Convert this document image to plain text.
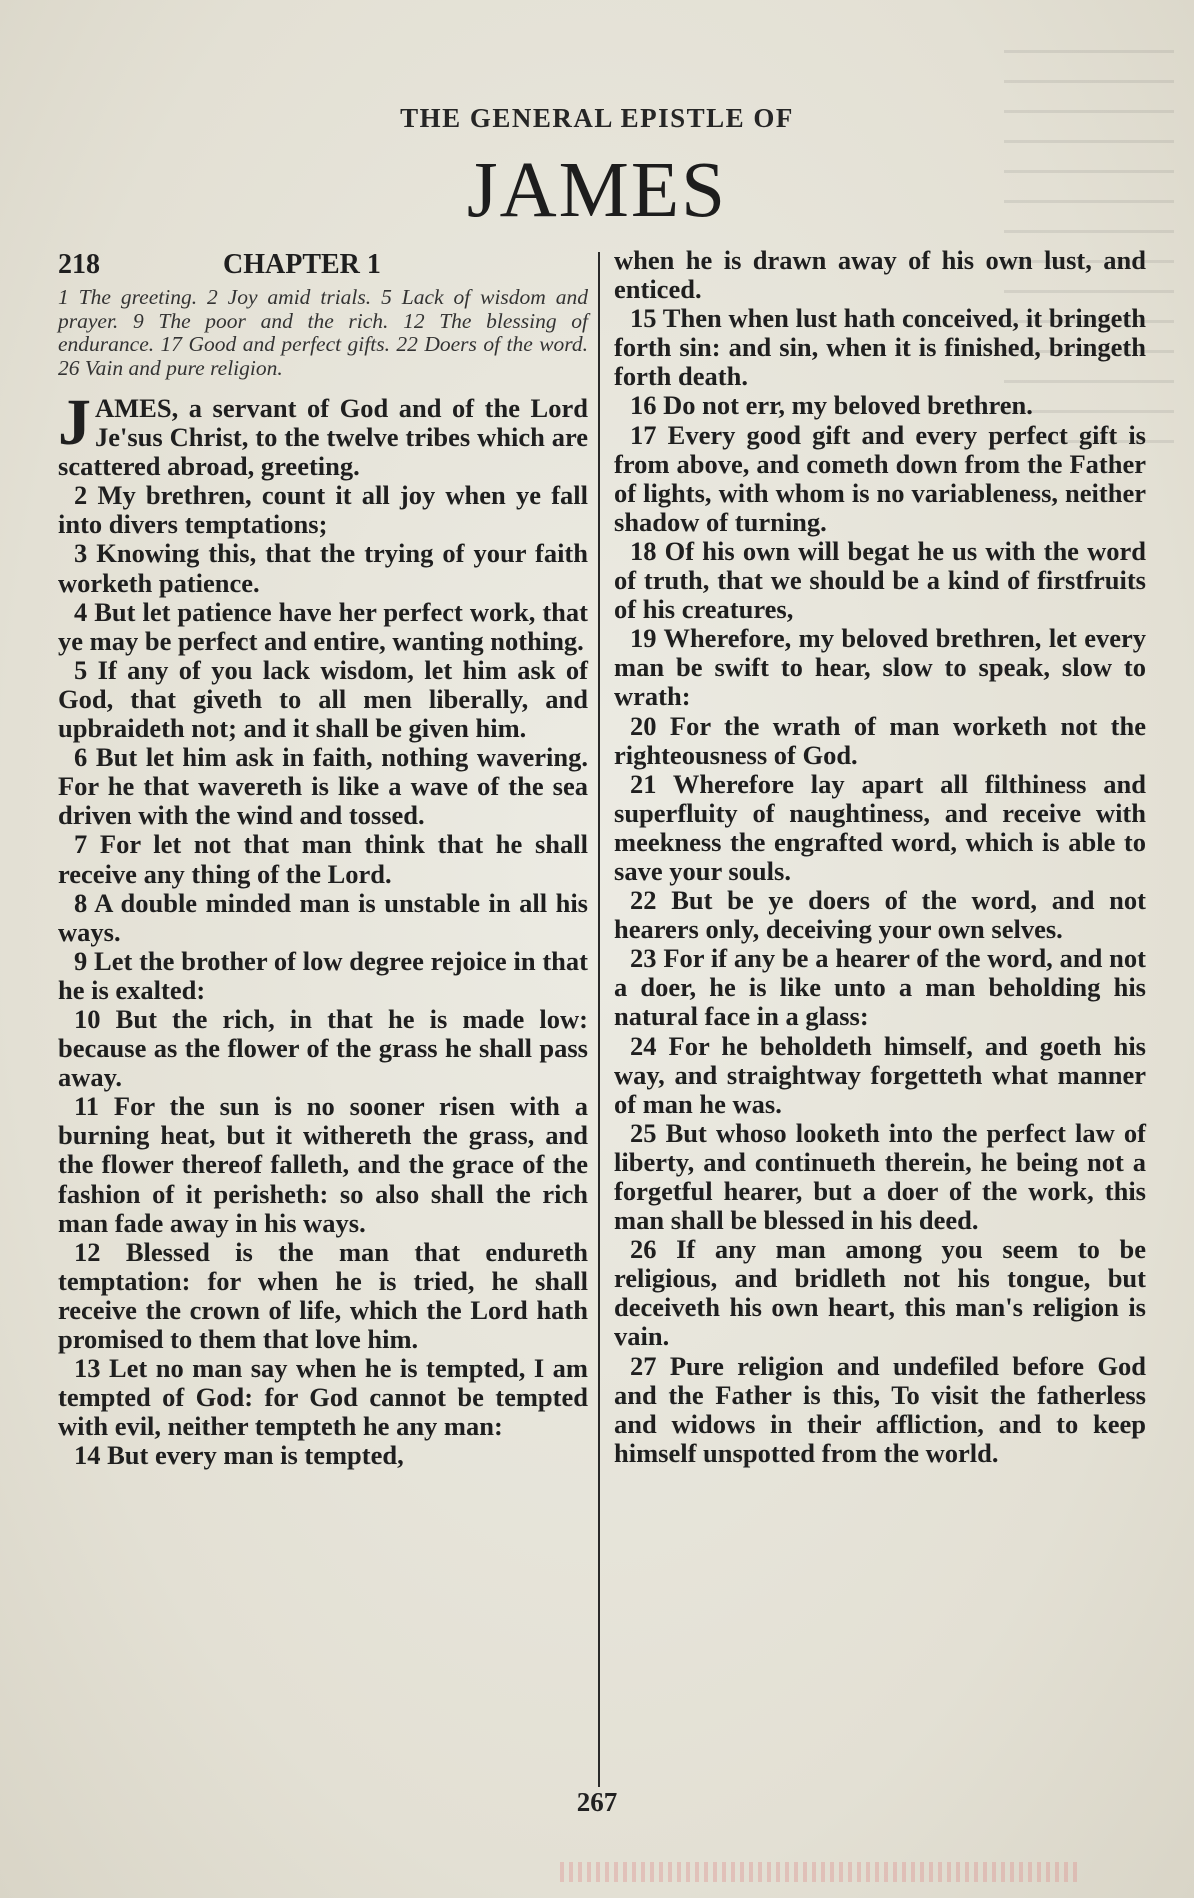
THE GENERAL EPISTLE OF
JAMES
218	CHAPTER 1

1 The greeting. 2 Joy amid trials. 5 Lack of wisdom and prayer. 9 The poor and the rich. 12 The blessing of endurance. 17 Good and perfect gifts. 22 Doers of the word. 26 Vain and pure religion.

JAMES, a servant of God and of the Lord Je'sus Christ, to the twelve tribes which are scattered abroad, greeting.

2 My brethren, count it all joy when ye fall into divers temptations;

3 Knowing this, that the trying of your faith worketh patience.

4 But let patience have her perfect work, that ye may be perfect and entire, wanting nothing.

5 If any of you lack wisdom, let him ask of God, that giveth to all men liberally, and upbraideth not; and it shall be given him.

6 But let him ask in faith, nothing wavering. For he that wavereth is like a wave of the sea driven with the wind and tossed.

7 For let not that man think that he shall receive any thing of the Lord.

8 A double minded man is unstable in all his ways.

9 Let the brother of low degree rejoice in that he is exalted:

10 But the rich, in that he is made low: because as the flower of the grass he shall pass away.

11 For the sun is no sooner risen with a burning heat, but it withereth the grass, and the flower thereof falleth, and the grace of the fashion of it perisheth: so also shall the rich man fade away in his ways.

12 Blessed is the man that endureth temptation: for when he is tried, he shall receive the crown of life, which the Lord hath promised to them that love him.

13 Let no man say when he is tempted, I am tempted of God: for God cannot be tempted with evil, neither tempteth he any man:

14 But every man is tempted,

when he is drawn away of his own lust, and enticed.

15 Then when lust hath conceived, it bringeth forth sin: and sin, when it is finished, bringeth forth death.

16 Do not err, my beloved brethren.

17 Every good gift and every perfect gift is from above, and cometh down from the Father of lights, with whom is no variableness, neither shadow of turning.

18 Of his own will begat he us with the word of truth, that we should be a kind of firstfruits of his creatures,

19 Wherefore, my beloved brethren, let every man be swift to hear, slow to speak, slow to wrath:

20 For the wrath of man worketh not the righteousness of God.

21 Wherefore lay apart all filthiness and superfluity of naughtiness, and receive with meekness the engrafted word, which is able to save your souls.

22 But be ye doers of the word, and not hearers only, deceiving your own selves.

23 For if any be a hearer of the word, and not a doer, he is like unto a man beholding his natural face in a glass:

24 For he beholdeth himself, and goeth his way, and straightway forgetteth what manner of man he was.

25 But whoso looketh into the perfect law of liberty, and continueth therein, he being not a forgetful hearer, but a doer of the work, this man shall be blessed in his deed.

26 If any man among you seem to be religious, and bridleth not his tongue, but deceiveth his own heart, this man's religion is vain.

27 Pure religion and undefiled before God and the Father is this, To visit the fatherless and widows in their affliction, and to keep himself unspotted from the world.

267
